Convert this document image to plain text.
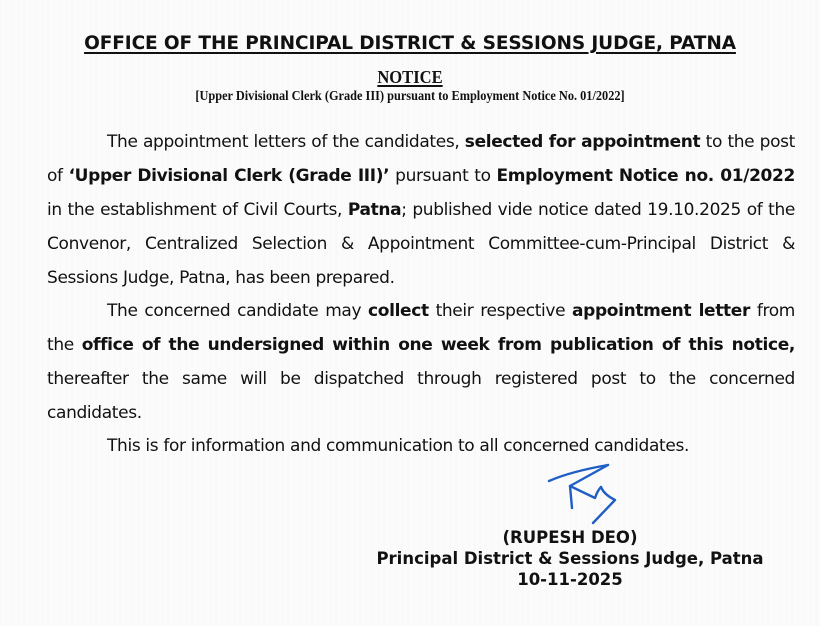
OFFICE OF THE PRINCIPAL DISTRICT & SESSIONS JUDGE, PATNA
NOTICE
[Upper Divisional Clerk (Grade III) pursuant to Employment Notice No. 01/2022]
The appointment letters of the candidates, selected for appointment to the post of ‘Upper Divisional Clerk (Grade III)’ pursuant to Employment Notice no. 01/2022 in the establishment of Civil Courts, Patna; published vide notice dated 19.10.2025 of the Convenor, Centralized Selection & Appointment Committee-cum-Principal District & Sessions Judge, Patna, has been prepared.
The concerned candidate may collect their respective appointment letter from the office of the undersigned within one week from publication of this notice, thereafter the same will be dispatched through registered post to the concerned candidates.
This is for information and communication to all concerned candidates.
(RUPESH DEO)
Principal District & Sessions Judge, Patna
10-11-2025
